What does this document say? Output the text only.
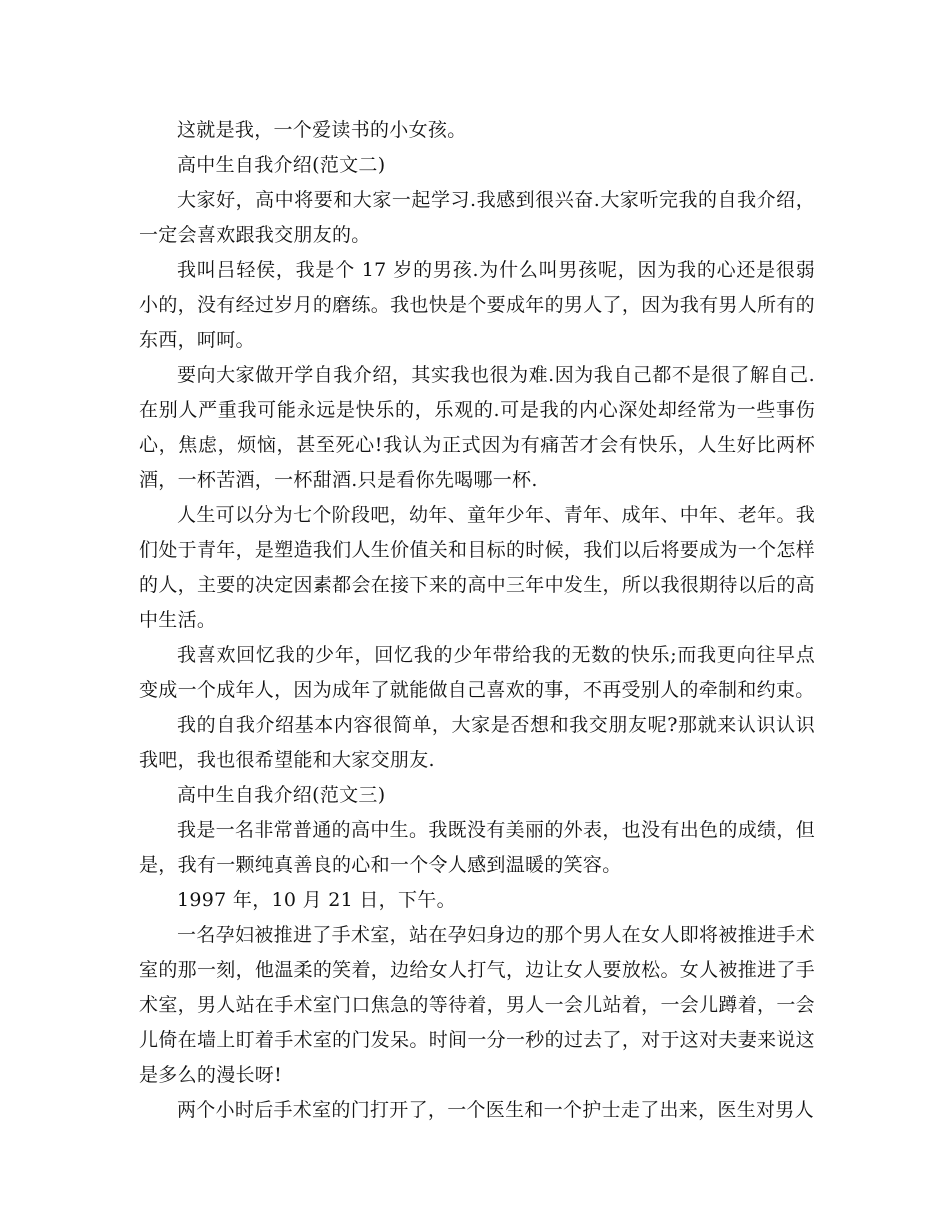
这就是我，一个爱读书的小女孩。

高中生自我介绍(范文二)

大家好，高中将要和大家一起学习.我感到很兴奋.大家听完我的自我介绍，一定会喜欢跟我交朋友的。

我叫吕轻侯，我是个 17 岁的男孩.为什么叫男孩呢，因为我的心还是很弱小的，没有经过岁月的磨练。我也快是个要成年的男人了，因为我有男人所有的东西，呵呵。

要向大家做开学自我介绍，其实我也很为难.因为我自己都不是很了解自己.在别人严重我可能永远是快乐的，乐观的.可是我的内心深处却经常为一些事伤心，焦虑，烦恼，甚至死心!我认为正式因为有痛苦才会有快乐，人生好比两杯酒，一杯苦酒，一杯甜酒.只是看你先喝哪一杯.

人生可以分为七个阶段吧，幼年、童年少年、青年、成年、中年、老年。我们处于青年，是塑造我们人生价值关和目标的时候，我们以后将要成为一个怎样的人，主要的决定因素都会在接下来的高中三年中发生，所以我很期待以后的高中生活。

我喜欢回忆我的少年，回忆我的少年带给我的无数的快乐;而我更向往早点变成一个成年人，因为成年了就能做自己喜欢的事，不再受别人的牵制和约束。

我的自我介绍基本内容很简单，大家是否想和我交朋友呢?那就来认识认识我吧，我也很希望能和大家交朋友.

高中生自我介绍(范文三)

我是一名非常普通的高中生。我既没有美丽的外表，也没有出色的成绩，但是，我有一颗纯真善良的心和一个令人感到温暖的笑容。

1997 年，10 月 21 日，下午。

一名孕妇被推进了手术室，站在孕妇身边的那个男人在女人即将被推进手术室的那一刻，他温柔的笑着，边给女人打气，边让女人要放松。女人被推进了手术室，男人站在手术室门口焦急的等待着，男人一会儿站着，一会儿蹲着，一会儿倚在墙上盯着手术室的门发呆。时间一分一秒的过去了，对于这对夫妻来说这是多么的漫长呀!

两个小时后手术室的门打开了，一个医生和一个护士走了出来，医生对男人
